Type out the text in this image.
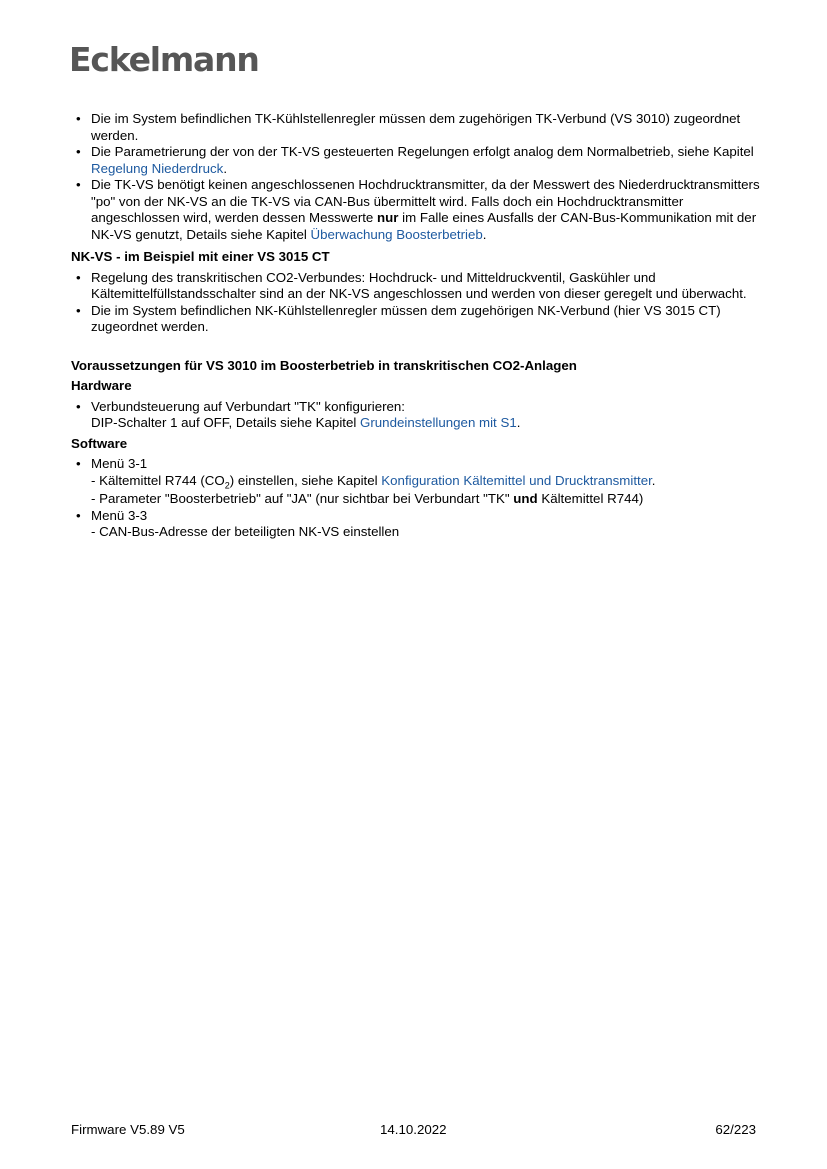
Eckelmann
• Die im System befindlichen TK-Kühlstellenregler müssen dem zugehörigen TK-Verbund (VS 3010) zugeordnet werden.
• Die Parametrierung der von der TK-VS gesteuerten Regelungen erfolgt analog dem Normalbetrieb, siehe Kapitel Regelung Niederdruck.
• Die TK-VS benötigt keinen angeschlossenen Hochdrucktransmitter, da der Messwert des Niederdrucktransmitters "po" von der NK-VS an die TK-VS via CAN-Bus übermittelt wird. Falls doch ein Hochdrucktransmitter angeschlossen wird, werden dessen Messwerte nur im Falle eines Ausfalls der CAN-Bus-Kommunikation mit der NK-VS genutzt, Details siehe Kapitel Überwachung Boosterbetrieb.
NK-VS - im Beispiel mit einer VS 3015 CT
• Regelung des transkritischen CO2-Verbundes: Hochdruck- und Mitteldruckventil, Gaskühler und Kältemittelfüllstandsschalter sind an der NK-VS angeschlossen und werden von dieser geregelt und überwacht.
• Die im System befindlichen NK-Kühlstellenregler müssen dem zugehörigen NK-Verbund (hier VS 3015 CT) zugeordnet werden.
Voraussetzungen für VS 3010 im Boosterbetrieb in transkritischen CO2-Anlagen
Hardware
• Verbundsteuerung auf Verbundart "TK" konfigurieren:
DIP-Schalter 1 auf OFF, Details siehe Kapitel Grundeinstellungen mit S1.
Software
• Menü 3-1
- Kältemittel R744 $(CO_2)$ einstellen, siehe Kapitel Konfiguration Kältemittel und Drucktransmitter.
- Parameter "Boosterbetrieb" auf "JA" (nur sichtbar bei Verbundart "TK" und Kältemittel R744)
• Menü 3-3
- CAN-Bus-Adresse der beteiligten NK-VS einstellen
Firmware V5.89 V5	14.10.2022	62/223
